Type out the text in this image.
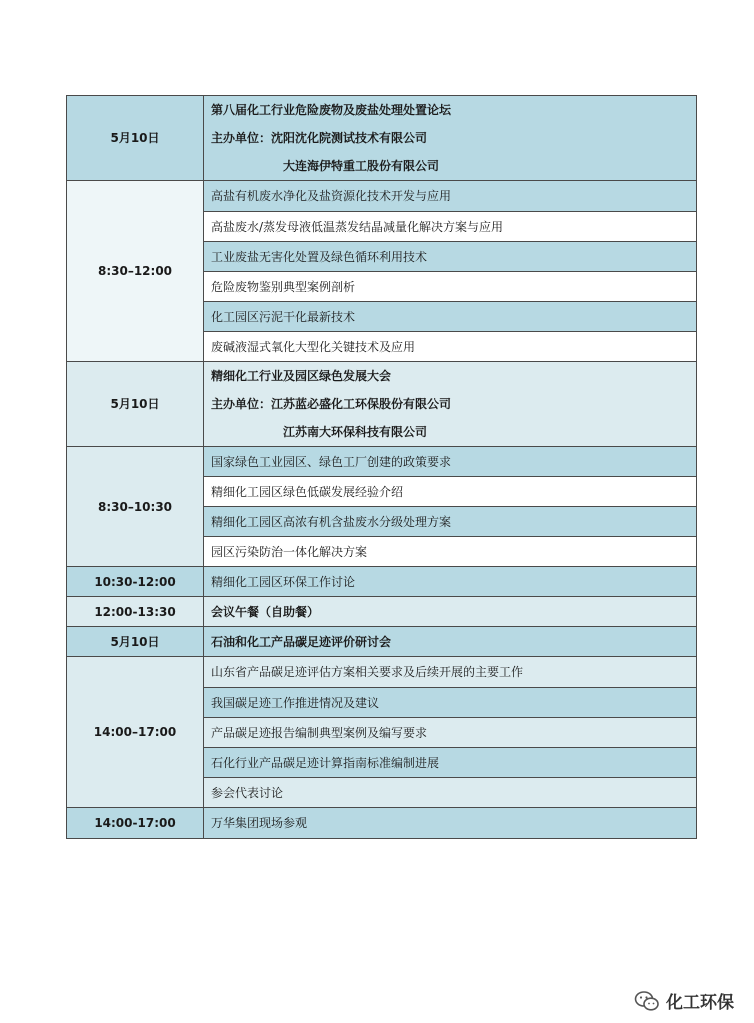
5月10日	第八届化工行业危险废物及废盐处理处置论坛
主办单位：沈阳沈化院测试技术有限公司
大连海伊特重工股份有限公司

8:30–12:00	高盐有机废水净化及盐资源化技术开发与应用
	高盐废水/蒸发母液低温蒸发结晶减量化解决方案与应用
	工业废盐无害化处置及绿色循环利用技术
	危险废物鉴别典型案例剖析
	化工园区污泥干化最新技术
	废碱液湿式氧化大型化关键技术及应用
5月10日	精细化工行业及园区绿色发展大会
主办单位：江苏蓝必盛化工环保股份有限公司
江苏南大环保科技有限公司

8:30–10:30	国家绿色工业园区、绿色工厂创建的政策要求
	精细化工园区绿色低碳发展经验介绍
	精细化工园区高浓有机含盐废水分级处理方案
	园区污染防治一体化解决方案
10:30-12:00	精细化工园区环保工作讨论
12:00-13:30	会议午餐（自助餐）
5月10日	石油和化工产品碳足迹评价研讨会
14:00–17:00	山东省产品碳足迹评估方案相关要求及后续开展的主要工作
	我国碳足迹工作推进情况及建议
	产品碳足迹报告编制典型案例及编写要求
	石化行业产品碳足迹计算指南标准编制进展
	参会代表讨论
14:00-17:00	万华集团现场参观
化工环保
